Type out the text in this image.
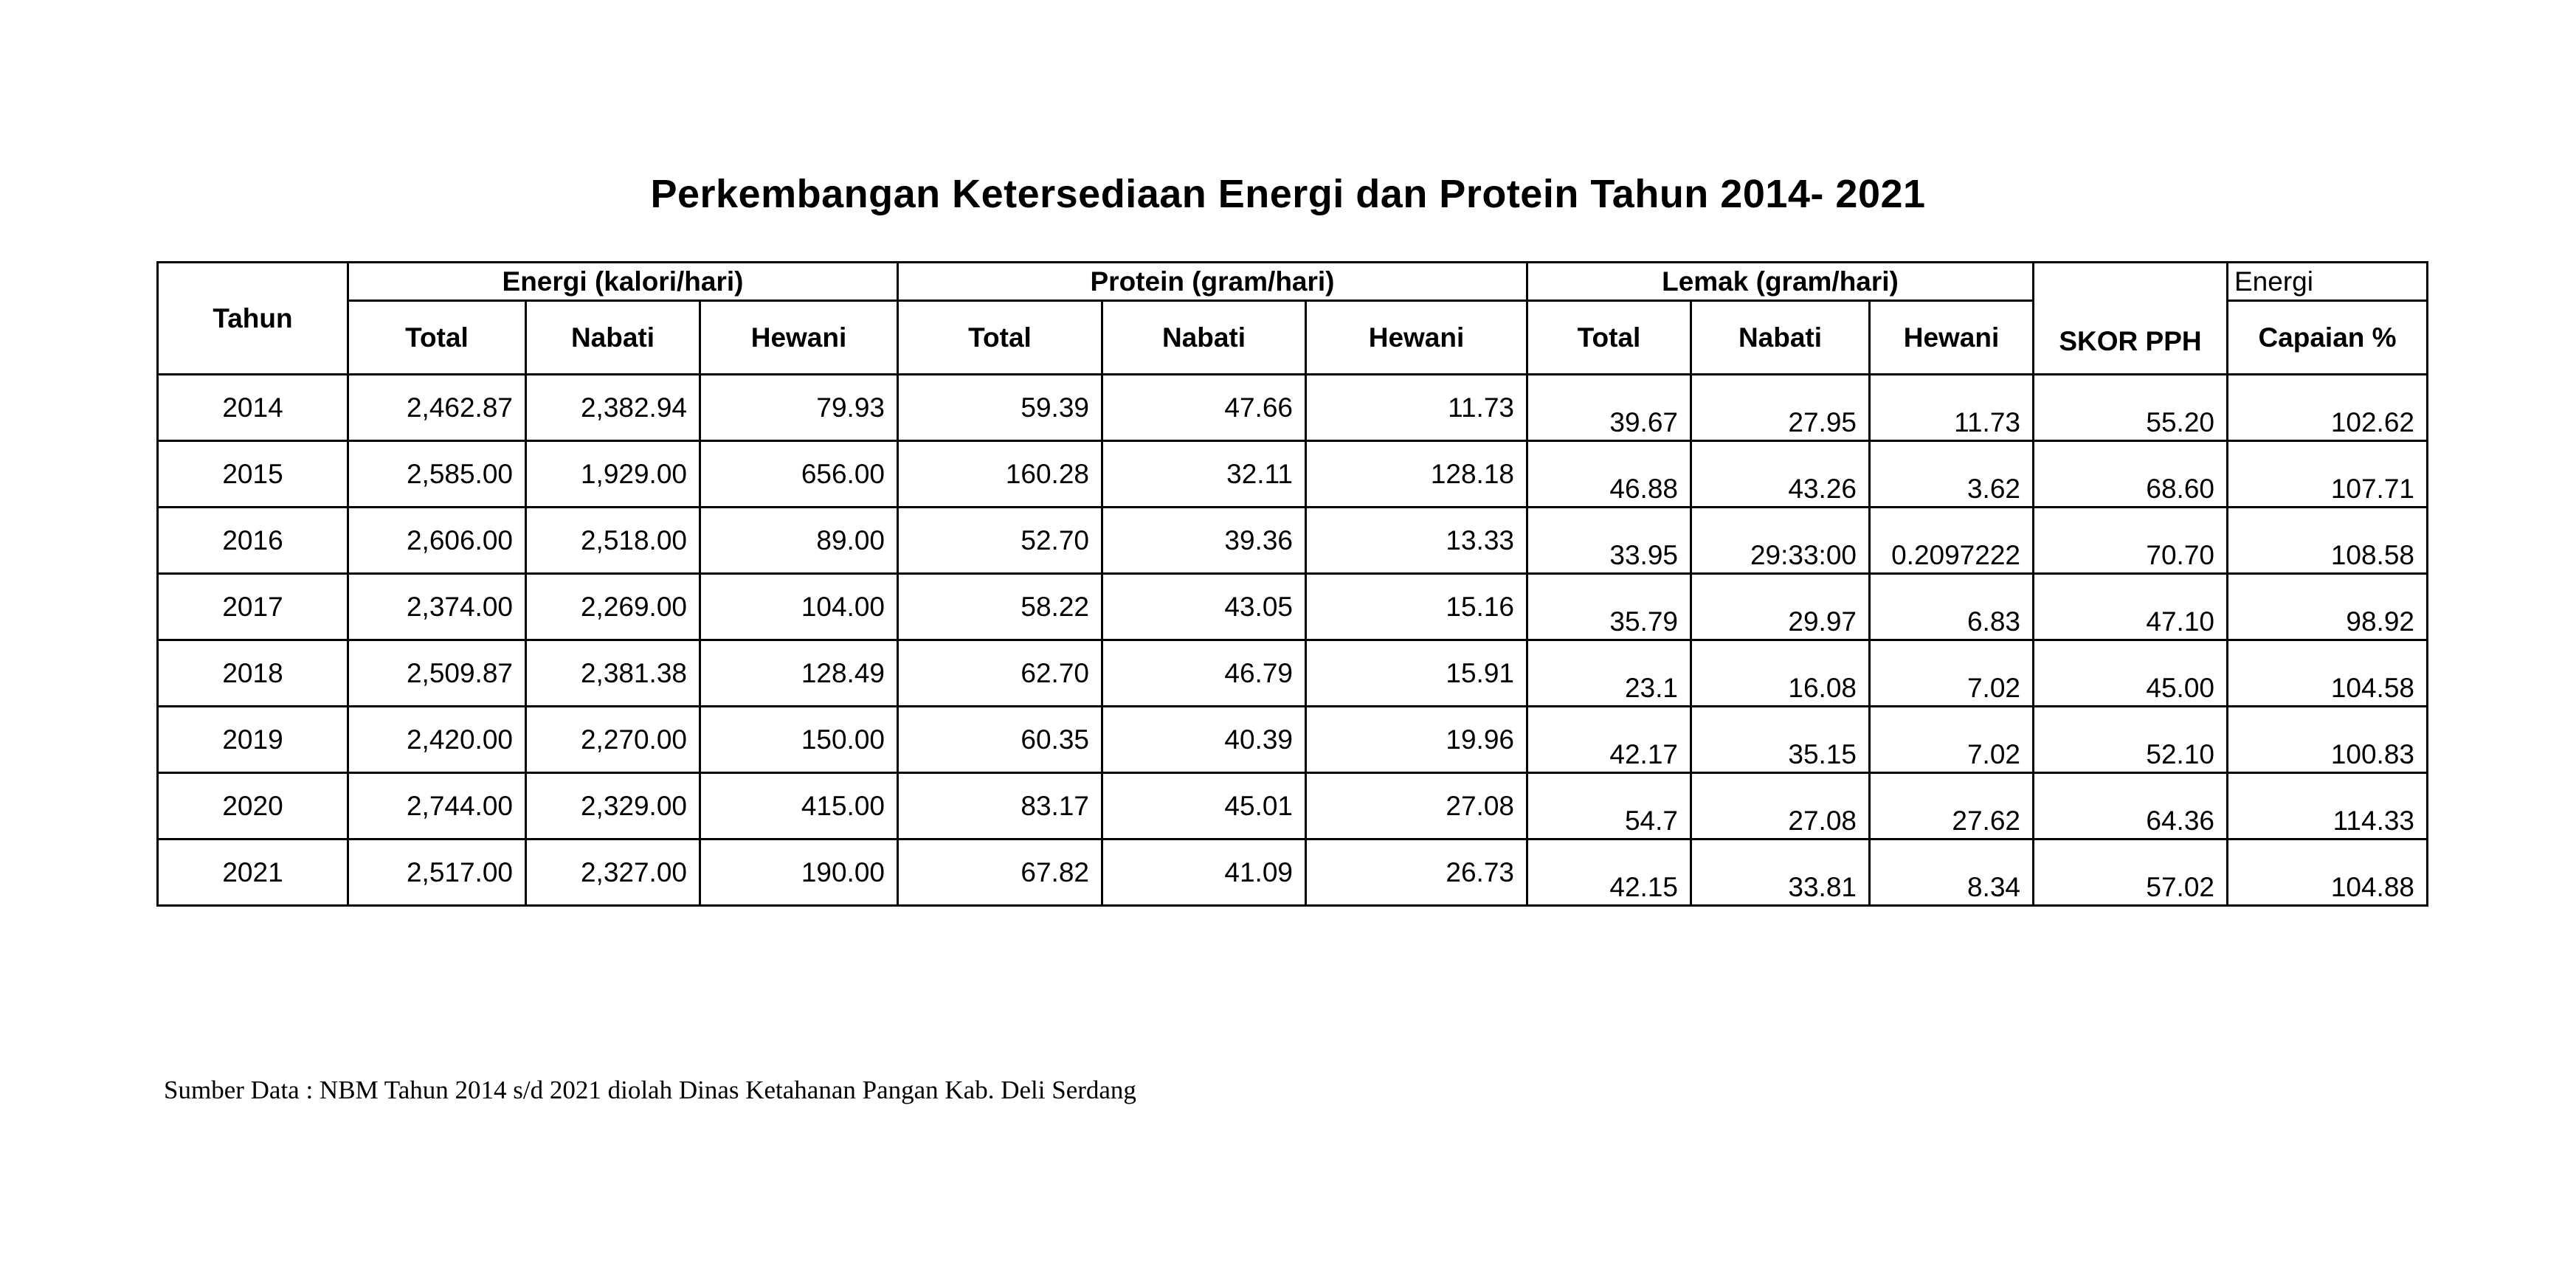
Perkembangan Ketersediaan Energi dan Protein Tahun 2014- 2021
Tahun	Energi (kalori/hari)			Protein (gram/hari)			Lemak (gram/hari)			SKOR PPH	Energi
	Total	Nabati	Hewani	Total	Nabati	Hewani	Total	Nabati	Hewani		Capaian %
2014	2,462.87	2,382.94	79.93	59.39	47.66	11.73	39.67	27.95	11.73	55.20	102.62
2015	2,585.00	1,929.00	656.00	160.28	32.11	128.18	46.88	43.26	3.62	68.60	107.71
2016	2,606.00	2,518.00	89.00	52.70	39.36	13.33	33.95	29:33:00	0.2097222	70.70	108.58
2017	2,374.00	2,269.00	104.00	58.22	43.05	15.16	35.79	29.97	6.83	47.10	98.92
2018	2,509.87	2,381.38	128.49	62.70	46.79	15.91	23.1	16.08	7.02	45.00	104.58
2019	2,420.00	2,270.00	150.00	60.35	40.39	19.96	42.17	35.15	7.02	52.10	100.83
2020	2,744.00	2,329.00	415.00	83.17	45.01	27.08	54.7	27.08	27.62	64.36	114.33
2021	2,517.00	2,327.00	190.00	67.82	41.09	26.73	42.15	33.81	8.34	57.02	104.88
Sumber Data : NBM Tahun 2014 s/d 2021 diolah Dinas Ketahanan Pangan Kab. Deli Serdang
